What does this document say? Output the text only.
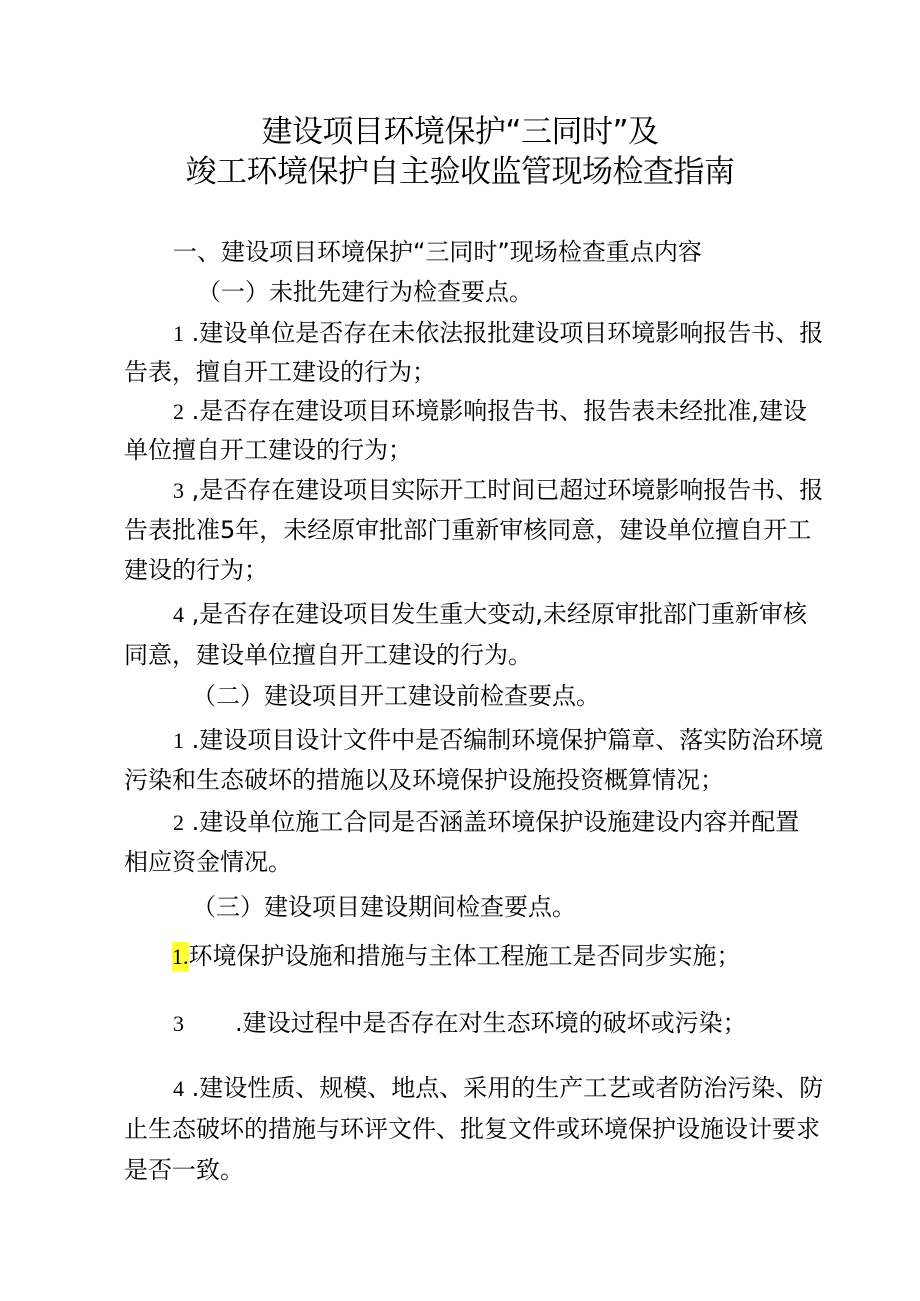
建设项目环境保护“三同时”及
竣工环境保护自主验收监管现场检查指南
一、建设项目环境保护“三同时”现场检查重点内容
（一）未批先建行为检查要点。
1 .建设单位是否存在未依法报批建设项目环境影响报告书、报
告表，擅自开工建设的行为；
2 .是否存在建设项目环境影响报告书、报告表未经批准,建设
单位擅自开工建设的行为；
3 ,是否存在建设项目实际开工时间已超过环境影响报告书、报
告表批准5年，未经原审批部门重新审核同意，建设单位擅自开工
建设的行为；
4 ,是否存在建设项目发生重大变动,未经原审批部门重新审核
同意，建设单位擅自开工建设的行为。
（二）建设项目开工建设前检查要点。
1 .建设项目设计文件中是否编制环境保护篇章、落实防治环境
污染和生态破坏的措施以及环境保护设施投资概算情况；
2 .建设单位施工合同是否涵盖环境保护设施建设内容并配置
相应资金情况。
（三）建设项目建设期间检查要点。
1.环境保护设施和措施与主体工程施工是否同步实施；
3 .建设过程中是否存在对生态环境的破坏或污染；
4 .建设性质、规模、地点、采用的生产工艺或者防治污染、防
止生态破坏的措施与环评文件、批复文件或环境保护设施设计要求
是否一致。
